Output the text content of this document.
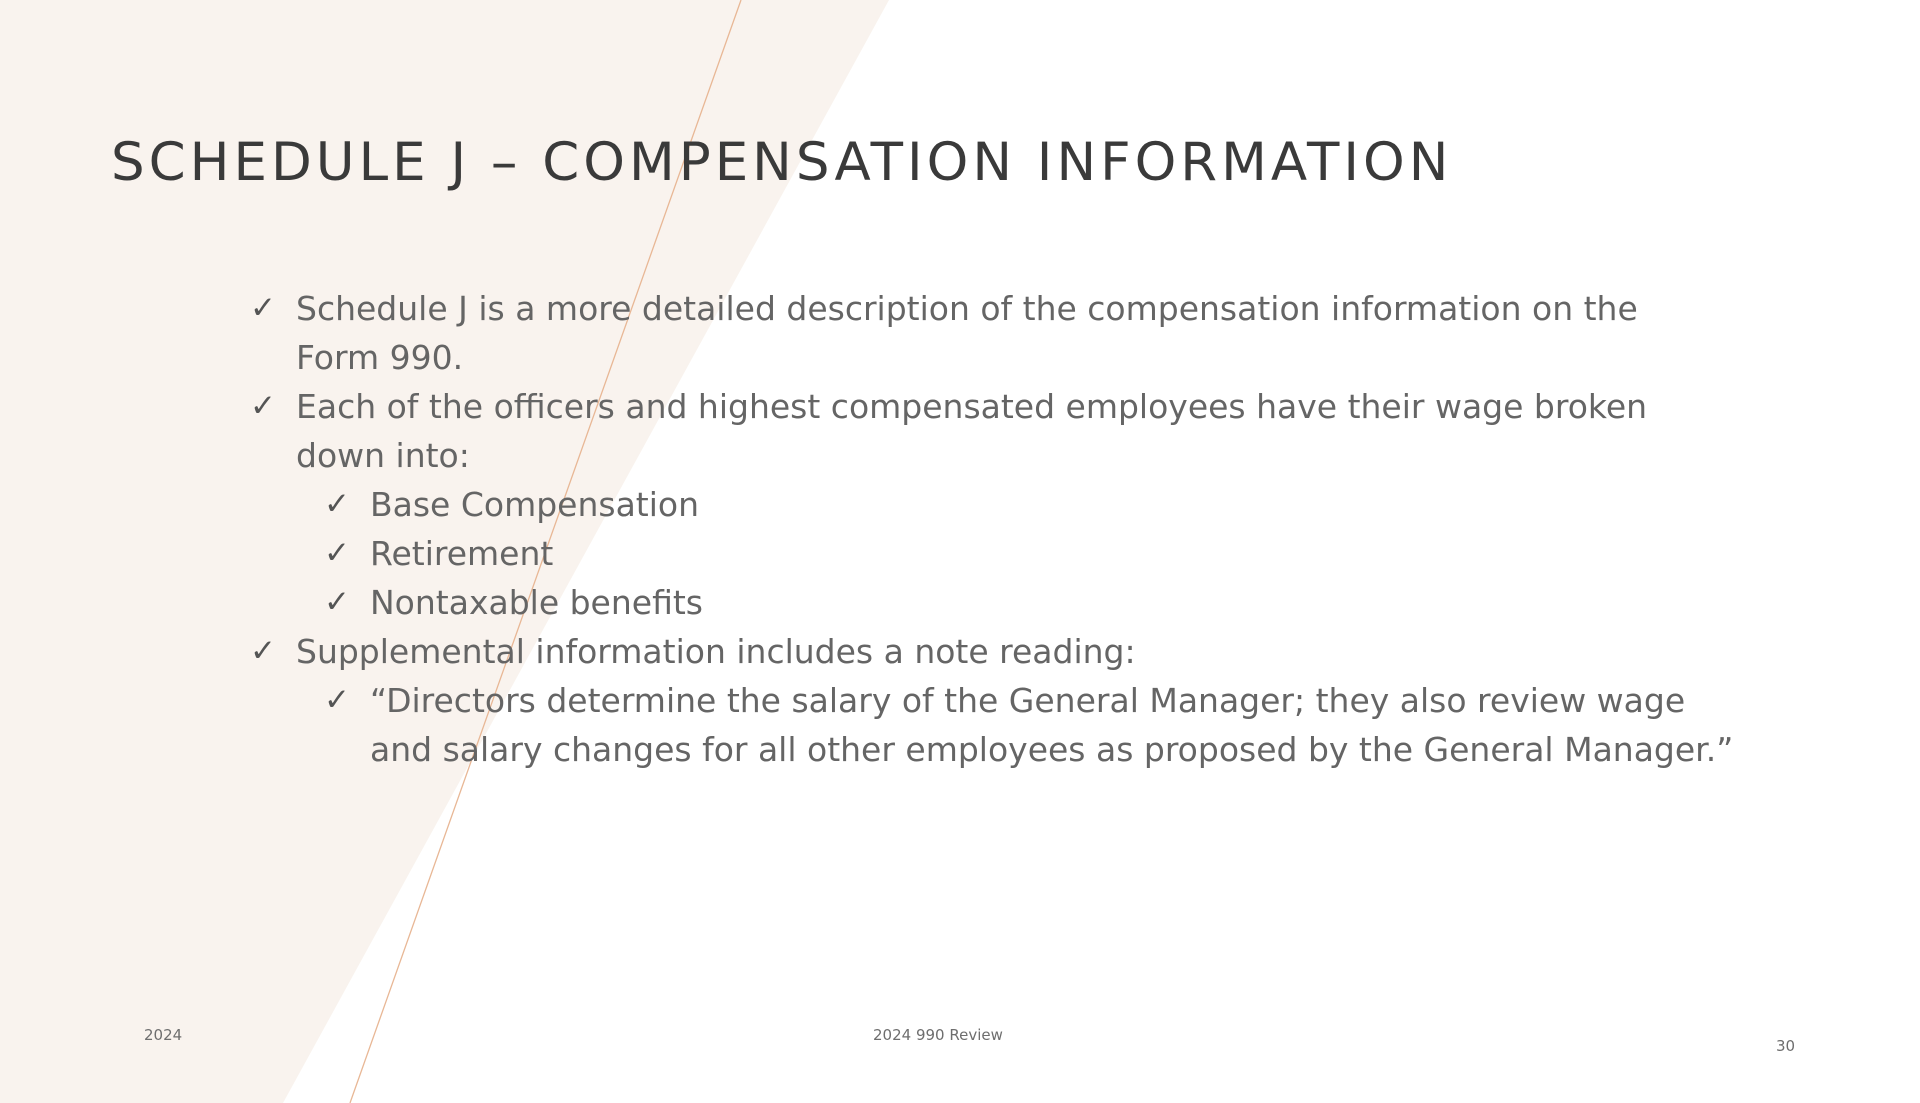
SCHEDULE J – COMPENSATION INFORMATION
✓ Schedule J is a more detailed description of the compensation information on the Form 990.
✓ Each of the officers and highest compensated employees have their wage broken down into:
✓ Base Compensation
✓ Retirement
✓ Nontaxable benefits
✓ Supplemental information includes a note reading:
✓ “Directors determine the salary of the General Manager; they also review wage and salary changes for all other employees as proposed by the General Manager.”
2024	2024 990 Review
30
